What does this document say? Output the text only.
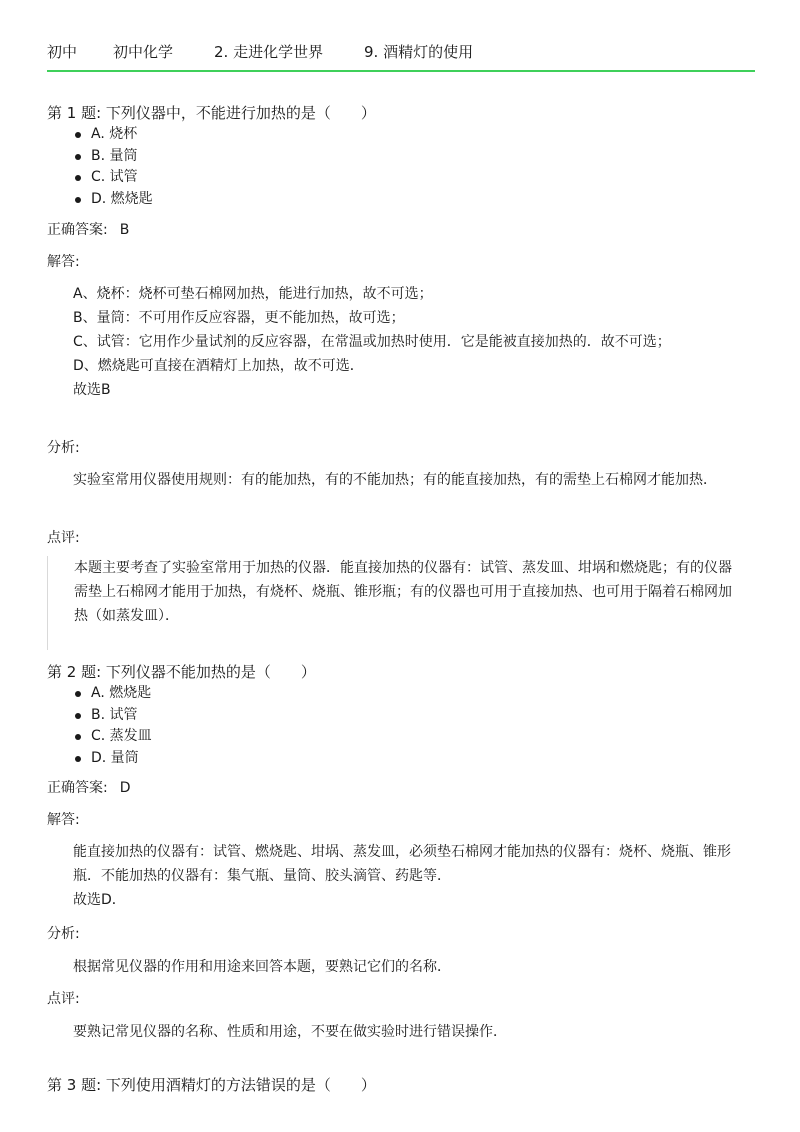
初中	初中化学	2. 走进化学世界	9. 酒精灯的使用
第 1 题: 下列仪器中，不能进行加热的是（　　）
A. 烧杯
B. 量筒
C. 试管
D. 燃烧匙
正确答案: B
解答:

A、烧杯：烧杯可垫石棉网加热，能进行加热，故不可选；

B、量筒：不可用作反应容器，更不能加热，故可选；

C、试管：它用作少量试剂的反应容器，在常温或加热时使用．它是能被直接加热的．故不可选；

D、燃烧匙可直接在酒精灯上加热，故不可选．

故选B

分析:

实验室常用仪器使用规则：有的能加热，有的不能加热；有的能直接加热，有的需垫上石棉网才能加热．

点评:

本题主要考查了实验室常用于加热的仪器．能直接加热的仪器有：试管、蒸发皿、坩埚和燃烧匙；有的仪器需垫上石棉网才能用于加热，有烧杯、烧瓶、锥形瓶；有的仪器也可用于直接加热、也可用于隔着石棉网加热（如蒸发皿）．

第 2 题: 下列仪器不能加热的是（　　）
A. 燃烧匙
B. 试管
C. 蒸发皿
D. 量筒
正确答案: D
解答:

能直接加热的仪器有：试管、燃烧匙、坩埚、蒸发皿，必须垫石棉网才能加热的仪器有：烧杯、烧瓶、锥形瓶．不能加热的仪器有：集气瓶、量筒、胶头滴管、药匙等．

故选D．

分析:

根据常见仪器的作用和用途来回答本题，要熟记它们的名称．

点评:

要熟记常见仪器的名称、性质和用途，不要在做实验时进行错误操作．

第 3 题: 下列使用酒精灯的方法错误的是（　　）
